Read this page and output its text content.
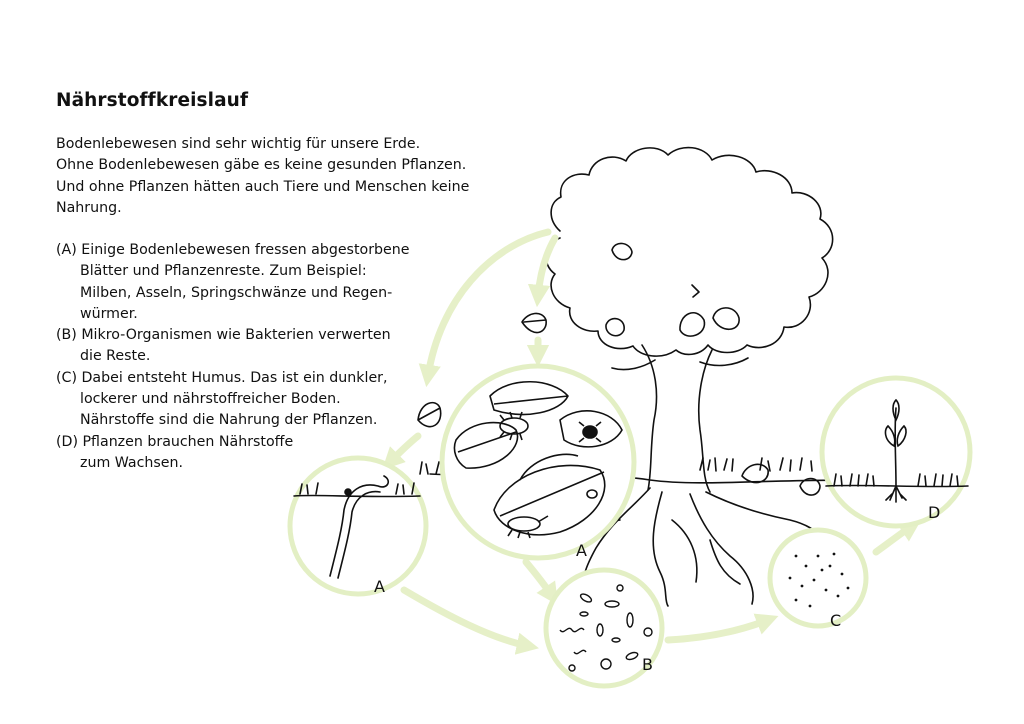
Nährstoffkreislauf
Bodenlebewesen sind sehr wichtig für unsere Erde.
Ohne Bodenlebewesen gäbe es keine gesunden Pflanzen.
Und ohne Pflanzen hätten auch Tiere und Menschen keine
Nahrung.
(A) Einige Bodenlebewesen fressen abgestorbene
Blätter und Pflanzenreste. Zum Beispiel:
Milben, Asseln, Springschwänze und Regen-
würmer.
(B) Mikro-Organismen wie Bakterien verwerten
die Reste.
(C) Dabei entsteht Humus. Das ist ein dunkler,
lockerer und nährstoffreicher Boden.
Nährstoffe sind die Nahrung der Pflanzen.
(D) Pflanzen brauchen Nährstoffe
zum Wachsen.
A
A
B
C
D
